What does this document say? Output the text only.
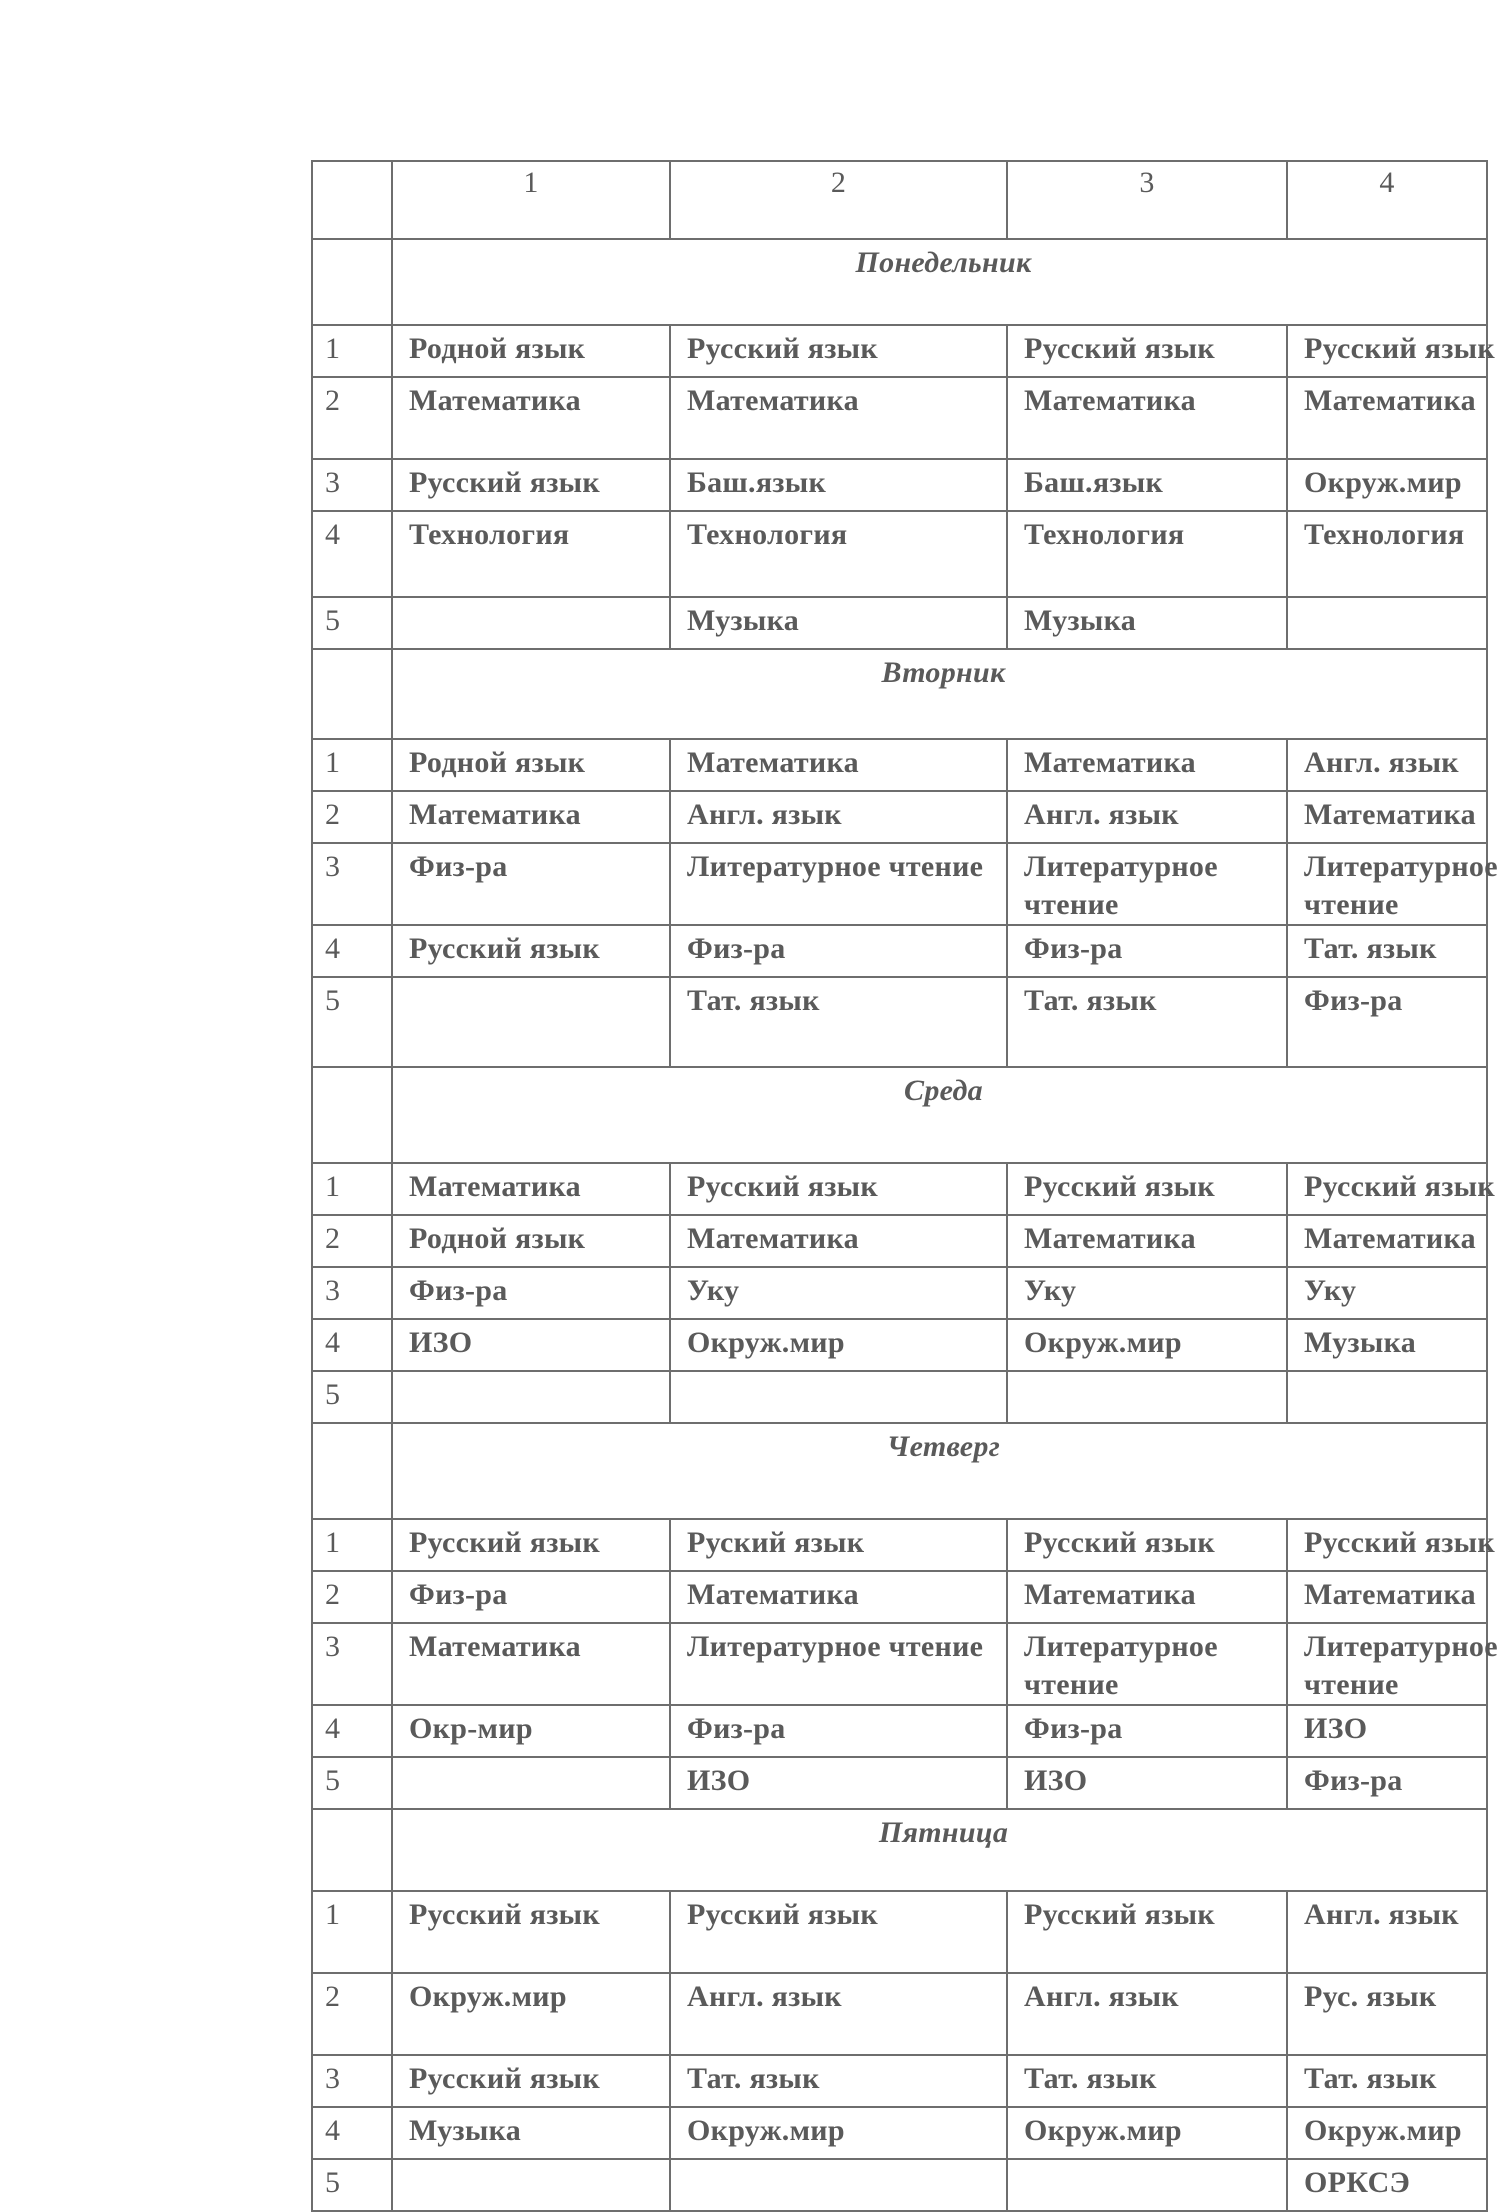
	1	2	3	4
	Понедельник			
1	Родной язык	Русский язык	Русский язык	Русский язык
2	Математика	Математика	Математика	Математика
3	Русский язык	Баш.язык	Баш.язык	Окруж.мир
4	Технология	Технология	Технология	Технология
5		Музыка	Музыка	
	Вторник			
1	Родной язык	Математика	Математика	Англ. язык
2	Математика	Англ. язык	Англ. язык	Математика
3	Физ-ра	Литературное чтение	Литературное чтение	Литературное чтение
4	Русский язык	Физ-ра	Физ-ра	Тат. язык
5		Тат. язык	Тат. язык	Физ-ра
	Среда			
1	Математика	Русский язык	Русский язык	Русский язык
2	Родной язык	Математика	Математика	Математика
3	Физ-ра	Уку	Уку	Уку
4	ИЗО	Окруж.мир	Окруж.мир	Музыка
5				
	Четверг			
1	Русский язык	Руский язык	Русский язык	Русский язык
2	Физ-ра	Математика	Математика	Математика
3	Математика	Литературное чтение	Литературное чтение	Литературное чтение
4	Окр-мир	Физ-ра	Физ-ра	ИЗО
5		ИЗО	ИЗО	Физ-ра
	Пятница			
1	Русский язык	Русский язык	Русский язык	Англ. язык
2	Окруж.мир	Англ. язык	Англ. язык	Рус. язык
3	Русский язык	Тат. язык	Тат. язык	Тат. язык
4	Музыка	Окруж.мир	Окруж.мир	Окруж.мир
5				ОРКСЭ
